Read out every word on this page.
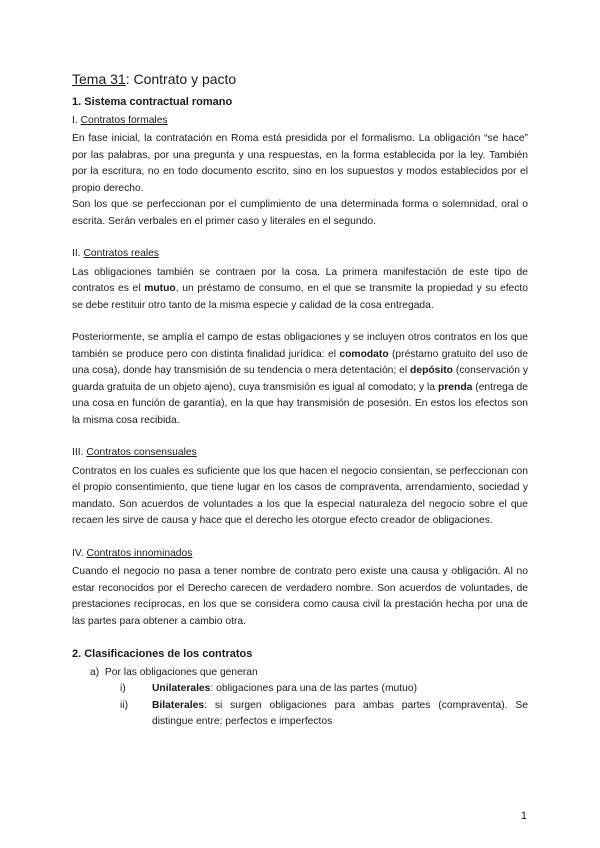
Tema 31: Contrato y pacto
1. Sistema contractual romano
I. Contratos formales
En fase inicial, la contratación en Roma está presidida por el formalismo. La obligación “se hace” por las palabras, por una pregunta y una respuestas, en la forma establecida por la ley. También por la escritura, no en todo documento escrito, sino en los supuestos y modos establecidos por el propio derecho.
Son los que se perfeccionan por el cumplimiento de una determinada forma o solemnidad, oral o escrita. Serán verbales en el primer caso y literales en el segundo.
II. Contratos reales
Las obligaciones también se contraen por la cosa. La primera manifestación de este tipo de contratos es el mutuo, un préstamo de consumo, en el que se transmite la propiedad y su efecto se debe restituir otro tanto de la misma especie y calidad de la cosa entregada.
Posteriormente, se amplía el campo de estas obligaciones y se incluyen otros contratos en los que también se produce pero con distinta finalidad jurídica: el comodato (préstamo gratuito del uso de una cosa), donde hay transmisión de su tendencia o mera detentación; el depósito (conservación y guarda gratuita de un objeto ajeno), cuya transmisión es igual al comodato; y la prenda (entrega de una cosa en función de garantía), en la que hay transmisión de posesión. En estos los efectos son la misma cosa recibida.
III. Contratos consensuales
Contratos en los cuales es suficiente que los que hacen el negocio consientan, se perfeccionan con el propio consentimiento, que tiene lugar en los casos de compraventa, arrendamiento, sociedad y mandato. Son acuerdos de voluntades a los que la especial naturaleza del negocio sobre el que recaen les sirve de causa y hace que el derecho les otorgue efecto creador de obligaciones.
IV. Contratos innominados
Cuando el negocio no pasa a tener nombre de contrato pero existe una causa y obligación. Al no estar reconocidos por el Derecho carecen de verdadero nombre. Son acuerdos de voluntades, de prestaciones recíprocas, en los que se considera como causa civil la prestación hecha por una de las partes para obtener a cambio otra.
2. Clasificaciones de los contratos
a) Por las obligaciones que generan
i)	Unilaterales: obligaciones para una de las partes (mutuo)
ii)	Bilaterales: si surgen obligaciones para ambas partes (compraventa). Se distingue entre: perfectos e imperfectos
1
